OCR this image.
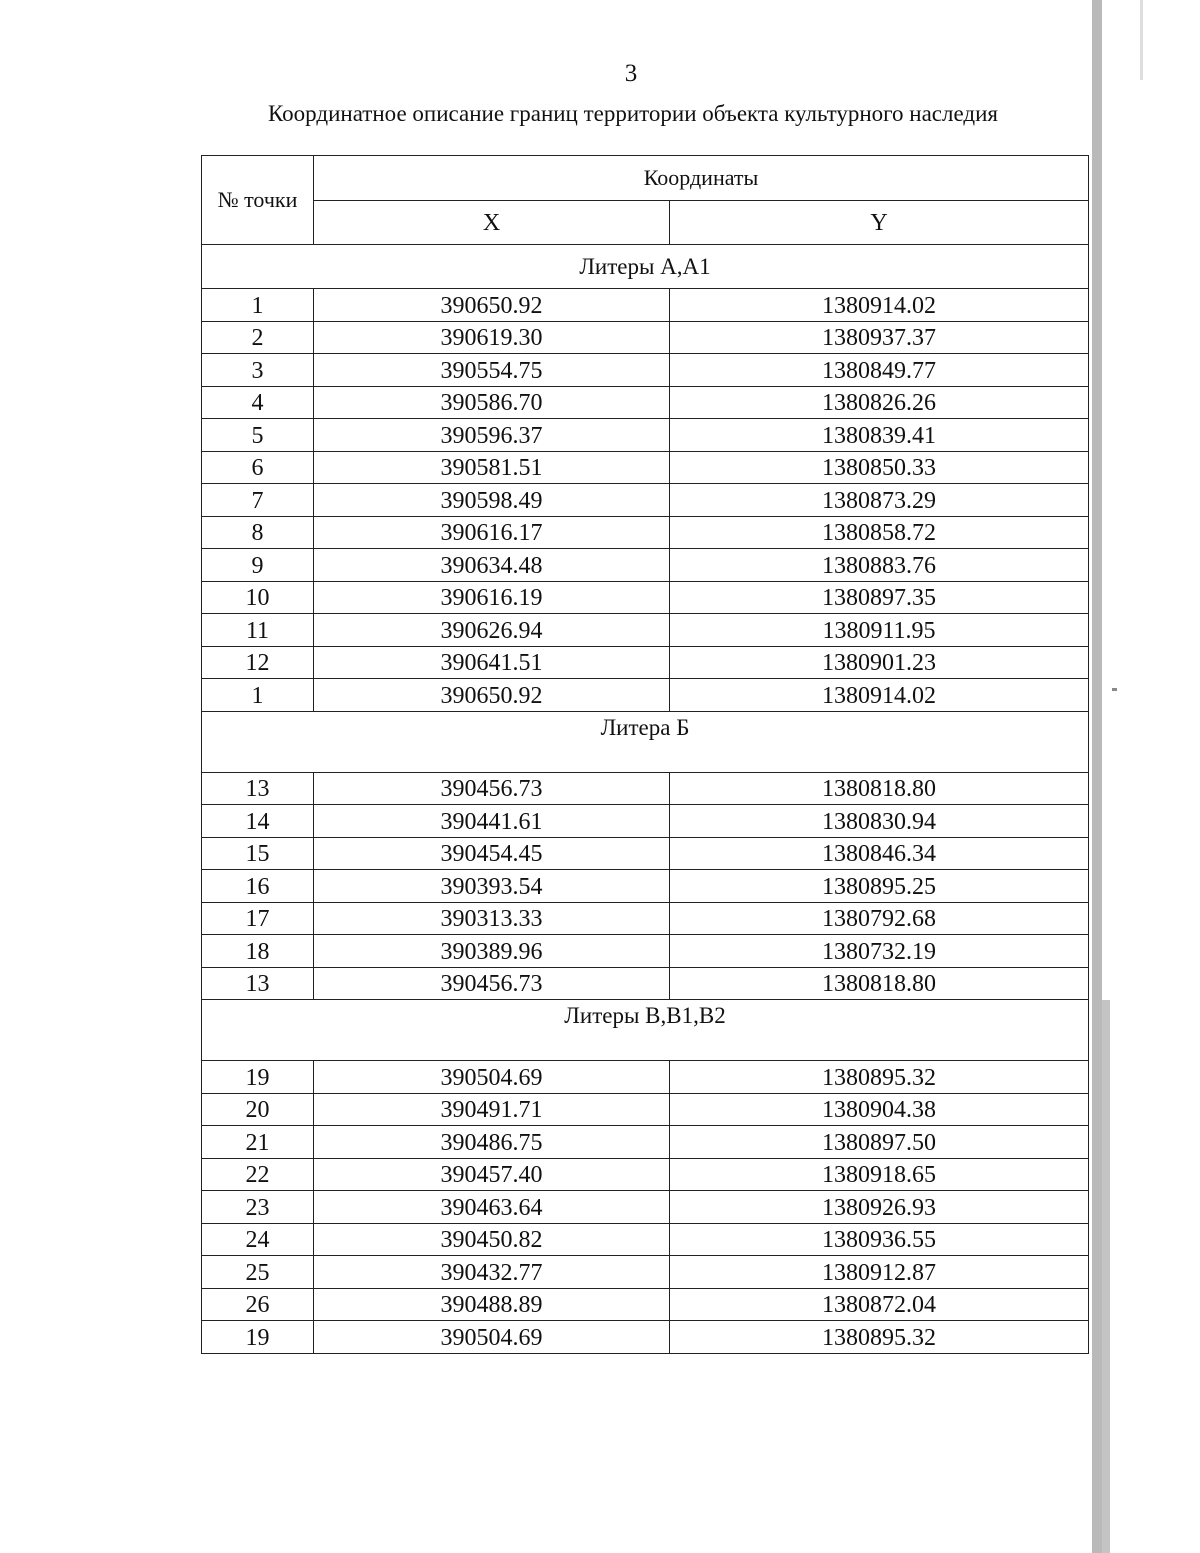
3
Координатное описание границ территории объекта культурного наследия
№ точки	Координаты	
	X	Y
Литеры А,А1		
1	390650.92	1380914.02
2	390619.30	1380937.37
3	390554.75	1380849.77
4	390586.70	1380826.26
5	390596.37	1380839.41
6	390581.51	1380850.33
7	390598.49	1380873.29
8	390616.17	1380858.72
9	390634.48	1380883.76
10	390616.19	1380897.35
11	390626.94	1380911.95
12	390641.51	1380901.23
1	390650.92	1380914.02
Литера Б		
13	390456.73	1380818.80
14	390441.61	1380830.94
15	390454.45	1380846.34
16	390393.54	1380895.25
17	390313.33	1380792.68
18	390389.96	1380732.19
13	390456.73	1380818.80
Литеры В,В1,В2		
19	390504.69	1380895.32
20	390491.71	1380904.38
21	390486.75	1380897.50
22	390457.40	1380918.65
23	390463.64	1380926.93
24	390450.82	1380936.55
25	390432.77	1380912.87
26	390488.89	1380872.04
19	390504.69	1380895.32
